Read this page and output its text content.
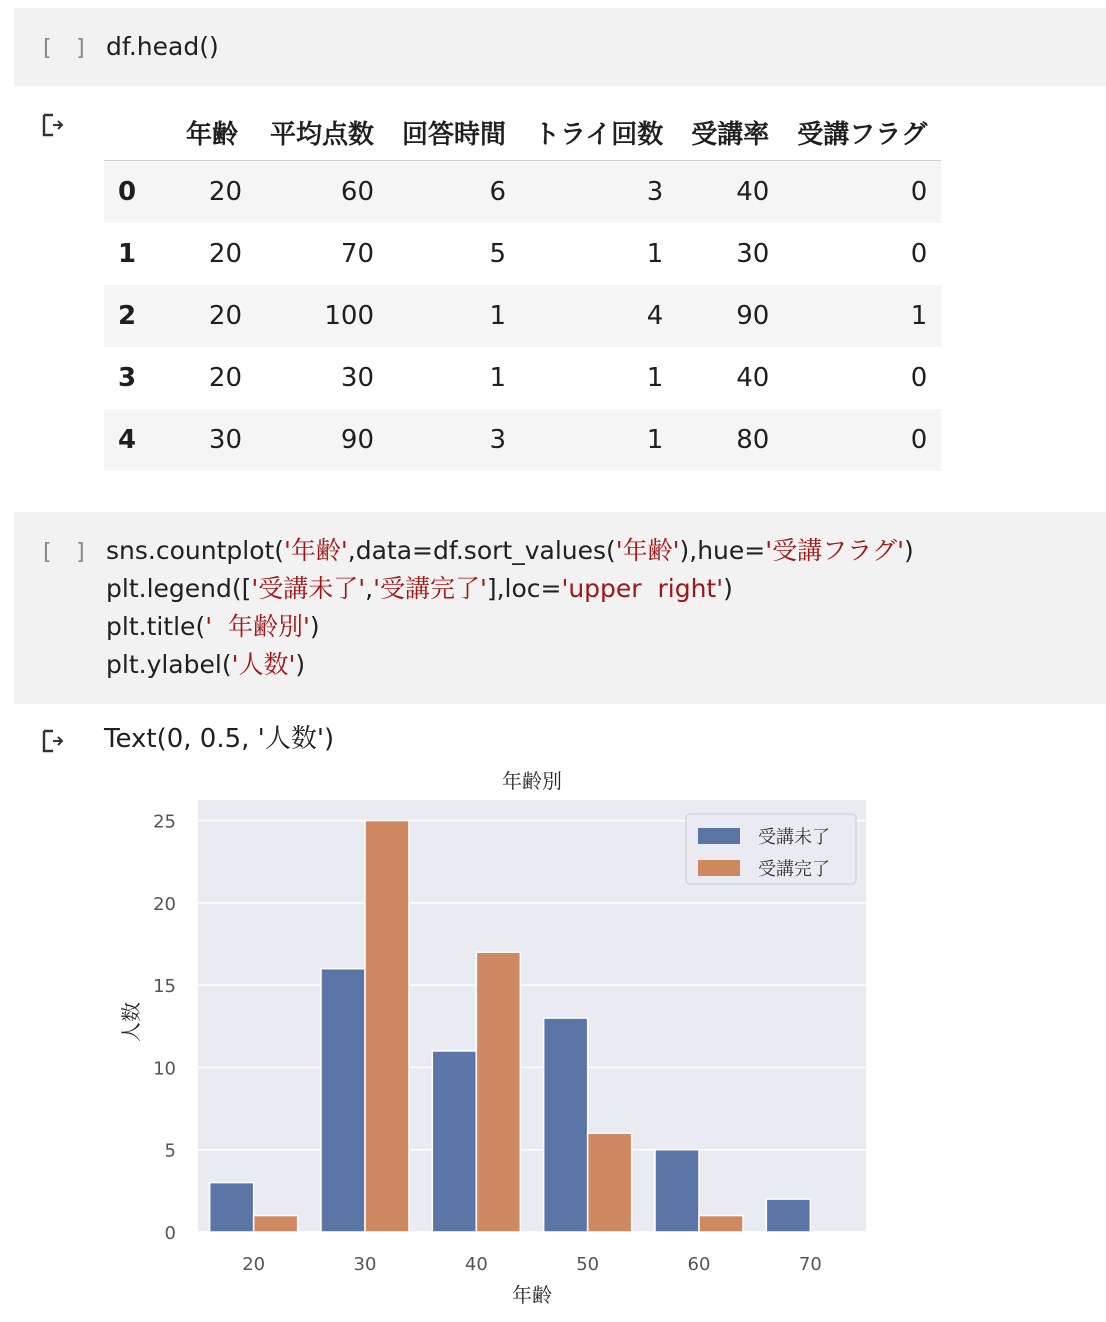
[ ] df.head()
	年齢	平均点数	回答時間	トライ回数	受講率	受講フラグ
0	20	60	6	3	40	0
1	20	70	5	1	30	0
2	20	100	1	4	90	1
3	20	30	1	1	40	0
4	30	90	3	1	80	0
[ ] sns.countplot('年齢',data=df.sort_values('年齢'),hue='受講フラグ')
plt.legend(['受講未了','受講完了'],loc='upper  right')
plt.title('  年齢別')
plt.ylabel('人数')
Text(0, 0.5, '人数')
年齢別
年齢
人数
0
5
10
15
20
25
20	30	40	50	60	70
受講未了
受講完了
